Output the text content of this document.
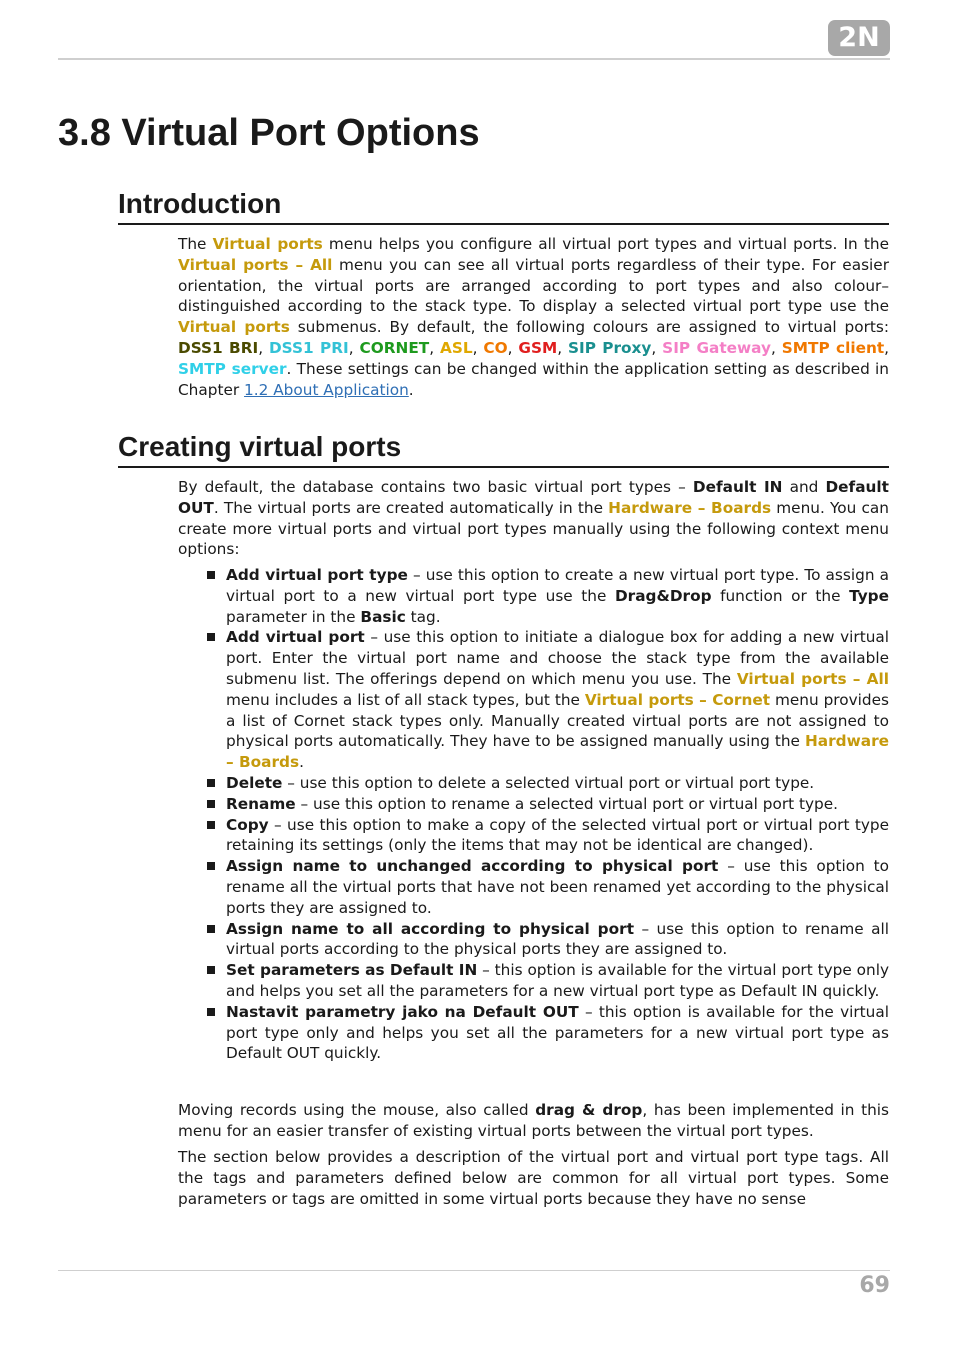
2N
3.8 Virtual Port Options
Introduction

The Virtual ports menu helps you configure all virtual port types and virtual ports. In the Virtual ports – All menu you can see all virtual ports regardless of their type. For easier orientation, the virtual ports are arranged according to port types and also colour–distinguished according to the stack type. To display a selected virtual port type use the Virtual ports submenus. By default, the following colours are assigned to virtual ports: DSS1 BRI, DSS1 PRI, CORNET, ASL, CO, GSM, SIP Proxy, SIP Gateway, SMTP client, SMTP server. These settings can be changed within the application setting as described in Chapter 1.2 About Application.

Creating virtual ports

By default, the database contains two basic virtual port types – Default IN and Default OUT. The virtual ports are created automatically in the Hardware – Boards menu. You can create more virtual ports and virtual port types manually using the following context menu options:

Add virtual port type – use this option to create a new virtual port type. To assign a virtual port to a new virtual port type use the Drag&Drop function or the Type parameter in the Basic tag.
Add virtual port – use this option to initiate a dialogue box for adding a new virtual port. Enter the virtual port name and choose the stack type from the available submenu list. The offerings depend on which menu you use. The Virtual ports – All menu includes a list of all stack types, but the Virtual ports – Cornet menu provides a list of Cornet stack types only. Manually created virtual ports are not assigned to physical ports automatically. They have to be assigned manually using the Hardware – Boards.
Delete – use this option to delete a selected virtual port or virtual port type.
Rename – use this option to rename a selected virtual port or virtual port type.
Copy – use this option to make a copy of the selected virtual port or virtual port type retaining its settings (only the items that may not be identical are changed).
Assign name to unchanged according to physical port – use this option to rename all the virtual ports that have not been renamed yet according to the physical ports they are assigned to.
Assign name to all according to physical port – use this option to rename all virtual ports according to the physical ports they are assigned to.
Set parameters as Default IN – this option is available for the virtual port type only and helps you set all the parameters for a new virtual port type as Default IN quickly.
Nastavit parametry jako na Default OUT – this option is available for the virtual port type only and helps you set all the parameters for a new virtual port type as Default OUT quickly.

Moving records using the mouse, also called drag & drop, has been implemented in this menu for an easier transfer of existing virtual ports between the virtual port types.

The section below provides a description of the virtual port and virtual port type tags. All the tags and parameters defined below are common for all virtual port types. Some parameters or tags are omitted in some virtual ports because they have no sense

69
